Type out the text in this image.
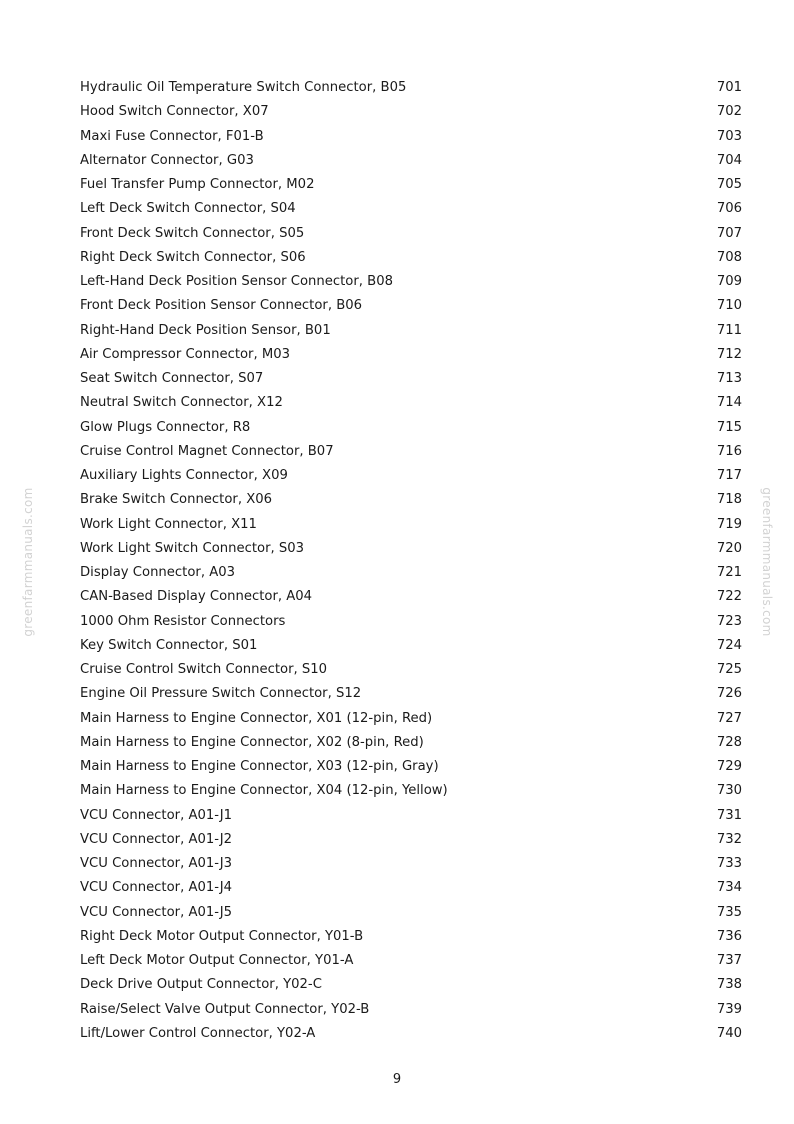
Hydraulic Oil Temperature Switch Connector, B05	701
Hood Switch Connector, X07	702
Maxi Fuse Connector, F01-B	703
Alternator Connector, G03	704
Fuel Transfer Pump Connector, M02	705
Left Deck Switch Connector, S04	706
Front Deck Switch Connector, S05	707
Right Deck Switch Connector, S06	708
Left-Hand Deck Position Sensor Connector, B08	709
Front Deck Position Sensor Connector, B06	710
Right-Hand Deck Position Sensor, B01	711
Air Compressor Connector, M03	712
Seat Switch Connector, S07	713
Neutral Switch Connector, X12	714
Glow Plugs Connector, R8	715
Cruise Control Magnet Connector, B07	716
Auxiliary Lights Connector, X09	717
Brake Switch Connector, X06	718
Work Light Connector, X11	719
Work Light Switch Connector, S03	720
Display Connector, A03	721
CAN-Based Display Connector, A04	722
1000 Ohm Resistor Connectors	723
Key Switch Connector, S01	724
Cruise Control Switch Connector, S10	725
Engine Oil Pressure Switch Connector, S12	726
Main Harness to Engine Connector, X01 (12-pin, Red)	727
Main Harness to Engine Connector, X02 (8-pin, Red)	728
Main Harness to Engine Connector, X03 (12-pin, Gray)	729
Main Harness to Engine Connector, X04 (12-pin, Yellow)	730
VCU Connector, A01-J1	731
VCU Connector, A01-J2	732
VCU Connector, A01-J3	733
VCU Connector, A01-J4	734
VCU Connector, A01-J5	735
Right Deck Motor Output Connector, Y01-B	736
Left Deck Motor Output Connector, Y01-A	737
Deck Drive Output Connector, Y02-C	738
Raise/Select Valve Output Connector, Y02-B	739
Lift/Lower Control Connector, Y02-A	740
greenfarmmanuals.com	greenfarmmanuals.com
9
